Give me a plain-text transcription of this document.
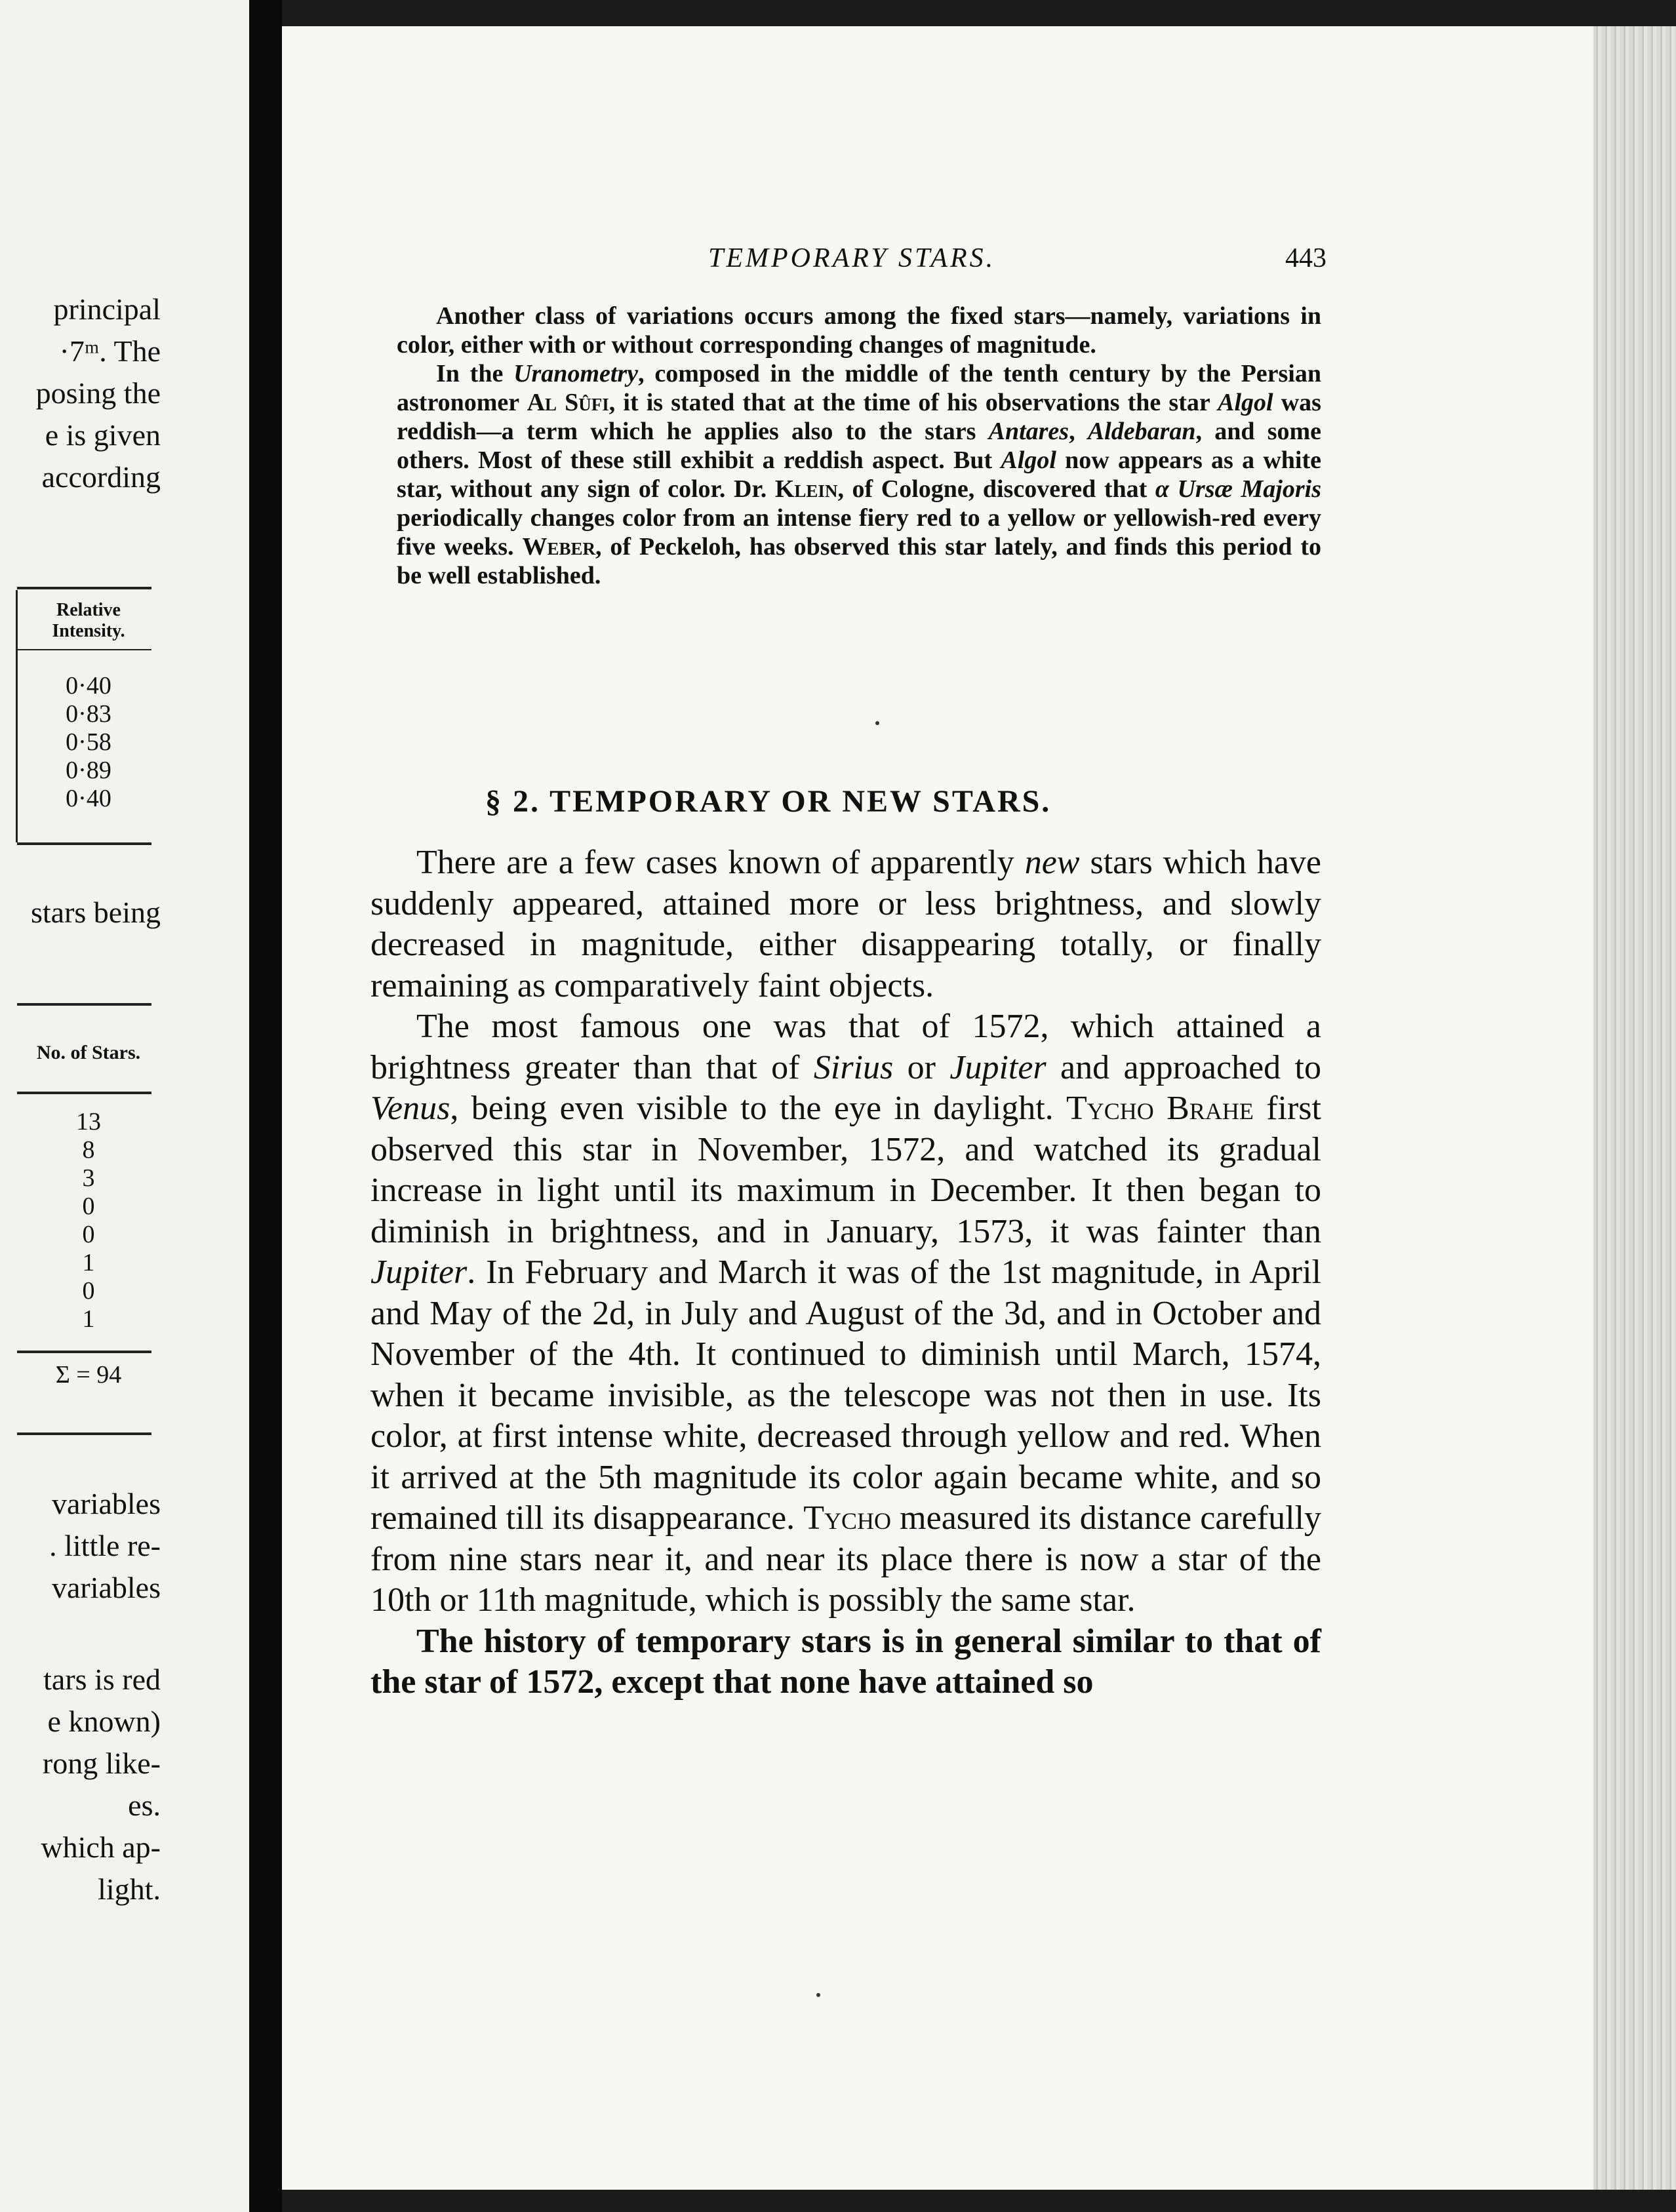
principal
·7ᵐ. The
posing the
e is given
according
Relative
Intensity.
0·40
0·83
0·58
0·89
0·40
stars being
No. of Stars.
13
8
3
0
0
1
0
1
Σ = 94
variables
. little re-
variables
tars is red
e known)
rong like-
es.
which ap-
light.
TEMPORARY STARS.	443

Another class of variations occurs among the fixed stars—namely, variations in color, either with or without corresponding changes of magnitude.

In the Uranometry, composed in the middle of the tenth century by the Persian astronomer Al Sûfi, it is stated that at the time of his observations the star Algol was reddish—a term which he applies also to the stars Antares, Aldebaran, and some others. Most of these still exhibit a reddish aspect. But Algol now appears as a white star, without any sign of color. Dr. Klein, of Cologne, discovered that α Ursæ Majoris periodically changes color from an intense fiery red to a yellow or yellowish-red every five weeks. Weber, of Peckeloh, has observed this star lately, and finds this period to be well established.

§ 2. TEMPORARY OR NEW STARS.

There are a few cases known of apparently new stars which have suddenly appeared, attained more or less brightness, and slowly decreased in magnitude, either disappearing totally, or finally remaining as comparatively faint objects.

The most famous one was that of 1572, which attained a brightness greater than that of Sirius or Jupiter and approached to Venus, being even visible to the eye in daylight. Tycho Brahe first observed this star in November, 1572, and watched its gradual increase in light until its maximum in December. It then began to diminish in brightness, and in January, 1573, it was fainter than Jupiter. In February and March it was of the 1st magnitude, in April and May of the 2d, in July and August of the 3d, and in October and November of the 4th. It continued to diminish until March, 1574, when it became invisible, as the telescope was not then in use. Its color, at first intense white, decreased through yellow and red. When it arrived at the 5th magnitude its color again became white, and so remained till its disappearance. Tycho measured its distance carefully from nine stars near it, and near its place there is now a star of the 10th or 11th magnitude, which is possibly the same star.

The history of temporary stars is in general similar to that of the star of 1572, except that none have attained so
